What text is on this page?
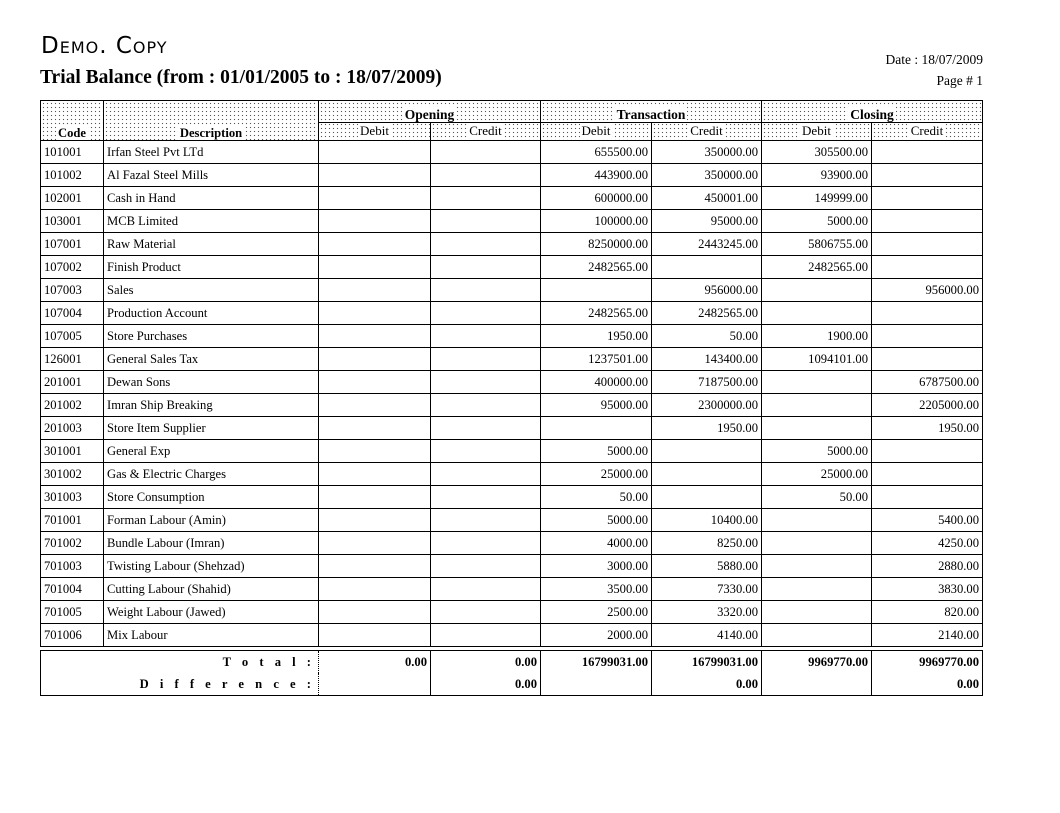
Demo. Copy
Trial Balance (from : 01/01/2005 to : 18/07/2009)
Date : 18/07/2009
Page # 1
Code	Description	Opening		Transaction		Closing	
		Debit	Credit	Debit	Credit	Debit	Credit
101001	Irfan Steel Pvt LTd			655500.00	350000.00	305500.00	
101002	Al Fazal Steel Mills			443900.00	350000.00	93900.00	
102001	Cash in Hand			600000.00	450001.00	149999.00	
103001	MCB Limited			100000.00	95000.00	5000.00	
107001	Raw Material			8250000.00	2443245.00	5806755.00	
107002	Finish Product			2482565.00		2482565.00	
107003	Sales				956000.00		956000.00
107004	Production Account			2482565.00	2482565.00		
107005	Store Purchases			1950.00	50.00	1900.00	
126001	General Sales Tax			1237501.00	143400.00	1094101.00	
201001	Dewan Sons			400000.00	7187500.00		6787500.00
201002	Imran Ship Breaking			95000.00	2300000.00		2205000.00
201003	Store Item Supplier				1950.00		1950.00
301001	General Exp			5000.00		5000.00	
301002	Gas & Electric Charges			25000.00		25000.00	
301003	Store Consumption			50.00		50.00	
701001	Forman Labour (Amin)			5000.00	10400.00		5400.00
701002	Bundle Labour (Imran)			4000.00	8250.00		4250.00
701003	Twisting Labour (Shehzad)			3000.00	5880.00		2880.00
701004	Cutting Labour (Shahid)			3500.00	7330.00		3830.00
701005	Weight Labour (Jawed)			2500.00	3320.00		820.00
701006	Mix Labour			2000.00	4140.00		2140.00
T o t a l :	0.00	0.00	16799031.00	16799031.00	9969770.00	9969770.00
D i f f e r e n c e :		0.00		0.00		0.00
